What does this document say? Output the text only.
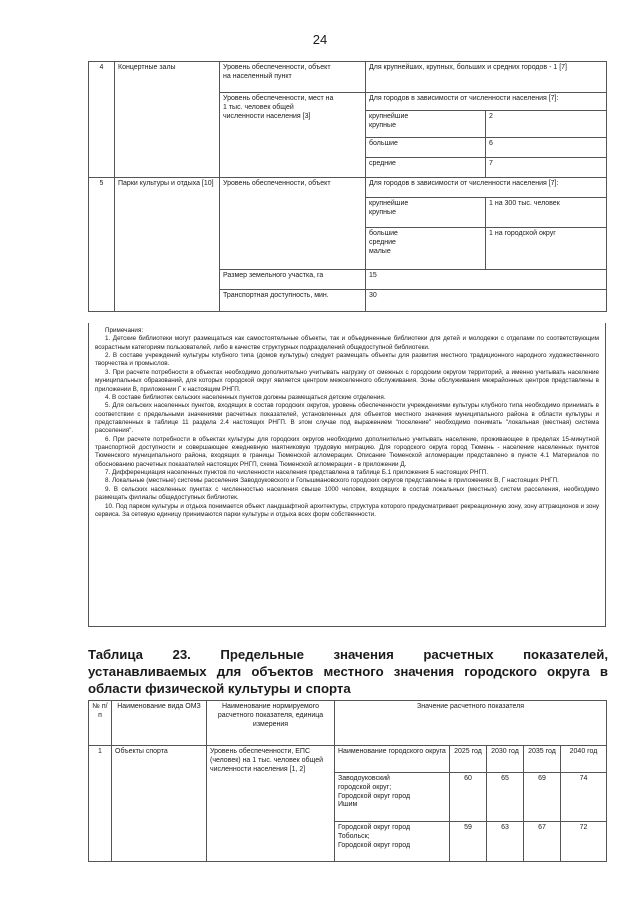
24
4	Концертные залы	Уровень обеспеченности, объект
на населенный пункт	Для крупнейших, крупных, больших и средних городов - 1 [7]	

		Уровень обеспеченности, мест на
1 тыс. человек общей
численности населения [3]	Для городов в зависимости от численности населения [7]:	

			крупнейшие
крупные	2
			большие	6
			средние	7
5	Парки культуры и отдыха [10]	Уровень обеспеченности, объект	Для городов в зависимости от численности населения [7]:	

			крупнейшие
крупные	1 на 300 тыс. человек

			большие
средние
малые	1 на городской округ
		Размер земельного участка, га	15	
		Транспортная доступность, мин.	30	

Примечания:

1. Детские библиотеки могут размещаться как самостоятельные объекты, так и объединенные библиотеки для детей и молодежи с отделами по соответствующим возрастным категориям пользователей, либо в качестве структурных подразделений общедоступной библиотеки.

2. В составе учреждений культуры клубного типа (домов культуры) следует размещать объекты для развития местного традиционного народного художественного творчества и промыслов.

3. При расчете потребности в объектах необходимо дополнительно учитывать нагрузку от смежных с городским округом территорий, а именно учитывать население муниципальных образований, для которых городской округ является центром межселенного обслуживания. Зоны обслуживания межрайонных центров представлены в приложении В, приложении Г к настоящим РНГП.

4. В составе библиотек сельских населенных пунктов должны размещаться детские отделения.

5. Для сельских населенных пунктов, входящих в состав городских округов, уровень обеспеченности учреждениями культуры клубного типа необходимо принимать в соответствии с предельными значениями расчетных показателей, установленных для объектов местного значения муниципального района в области культуры и представленных в таблице 11 раздела 2.4 настоящих РНГП. В этом случае под выражением "поселение" необходимо понимать "локальная (местная) система расселения".

6. При расчете потребности в объектах культуры для городских округов необходимо дополнительно учитывать население, проживающее в пределах 15-минутной транспортной доступности и совершающее ежедневную маятниковую трудовую миграцию. Для городского округа город Тюмень - население населенных пунктов Тюменского муниципального района, входящих в границы Тюменской агломерации. Описание Тюменской агломерации представлено в пункте 4.1 Материалов по обоснованию расчетных показателей настоящих РНГП, схема Тюменской агломерации - в приложении Д.

7. Дифференциация населенных пунктов по численности населения представлена в таблице Б.1 приложения Б настоящих РНГП.

8. Локальные (местные) системы расселения Заводоуковского и Голышмановского городских округов представлены в приложениях В, Г настоящих РНГП.

9. В сельских населенных пунктах с численностью населения свыше 1000 человек, входящих в состав локальных (местных) систем расселения, необходимо размещать филиалы общедоступных библиотек.

10. Под парком культуры и отдыха понимается объект ландшафтной архитектуры, структура которого предусматривает рекреационную зону, зону аттракционов и зону сервиса. За сетевую единицу принимаются парки культуры и отдыха всех форм собственности.

Таблица 23. Предельные значения расчетных показателей,
устанавливаемых для объектов местного значения городского округа в
области физической культуры и спорта
№ п/п	Наименование вида ОМЗ	Наименование нормируемого расчетного показателя, единица измерения	Значение расчетного показателя				
1	Объекты спорта	Уровень обеспеченности, ЕПС (человек) на 1 тыс. человек общей численности населения [1, 2]	Наименование городского округа	2025 год	2030 год	2035 год	2040 год

			Заводоуковский
городской округ;
Городской округ город
Ишим	60	65	69	74

			Городской округ город
Тобольск;
Городской округ город	59	63	67	72
